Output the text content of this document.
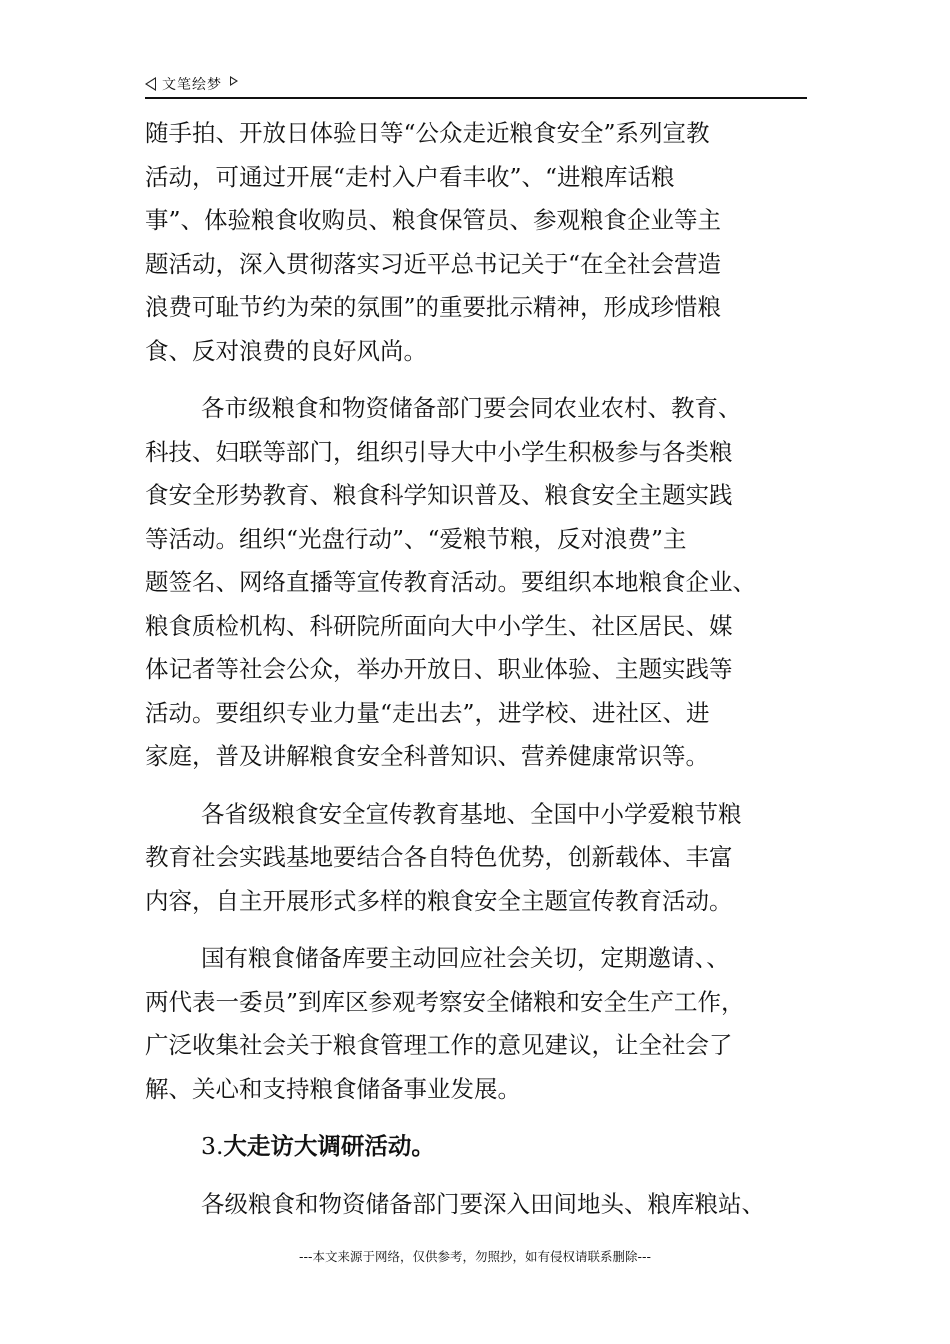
文笔绘梦
随手拍、开放日体验日等“公众走近粮食安全”系列宣教
活动，可通过开展“走村入户看丰收”、“进粮库话粮
事”、体验粮食收购员、粮食保管员、参观粮食企业等主
题活动，深入贯彻落实习近平总书记关于“在全社会营造
浪费可耻节约为荣的氛围”的重要批示精神，形成珍惜粮
食、反对浪费的良好风尚。
各市级粮食和物资储备部门要会同农业农村、教育、
科技、妇联等部门，组织引导大中小学生积极参与各类粮
食安全形势教育、粮食科学知识普及、粮食安全主题实践
等活动。组织“光盘行动”、“爱粮节粮，反对浪费”主
题签名、网络直播等宣传教育活动。要组织本地粮食企业、
粮食质检机构、科研院所面向大中小学生、社区居民、媒
体记者等社会公众，举办开放日、职业体验、主题实践等
活动。要组织专业力量“走出去”，进学校、进社区、进
家庭，普及讲解粮食安全科普知识、营养健康常识等。
各省级粮食安全宣传教育基地、全国中小学爱粮节粮
教育社会实践基地要结合各自特色优势，创新载体、丰富
内容，自主开展形式多样的粮食安全主题宣传教育活动。
国有粮食储备库要主动回应社会关切，定期邀请、、
两代表一委员”到库区参观考察安全储粮和安全生产工作，
广泛收集社会关于粮食管理工作的意见建议，让全社会了
解、关心和支持粮食储备事业发展。
3.大走访大调研活动。
各级粮食和物资储备部门要深入田间地头、粮库粮站、
---本文来源于网络，仅供参考，勿照抄，如有侵权请联系删除---
